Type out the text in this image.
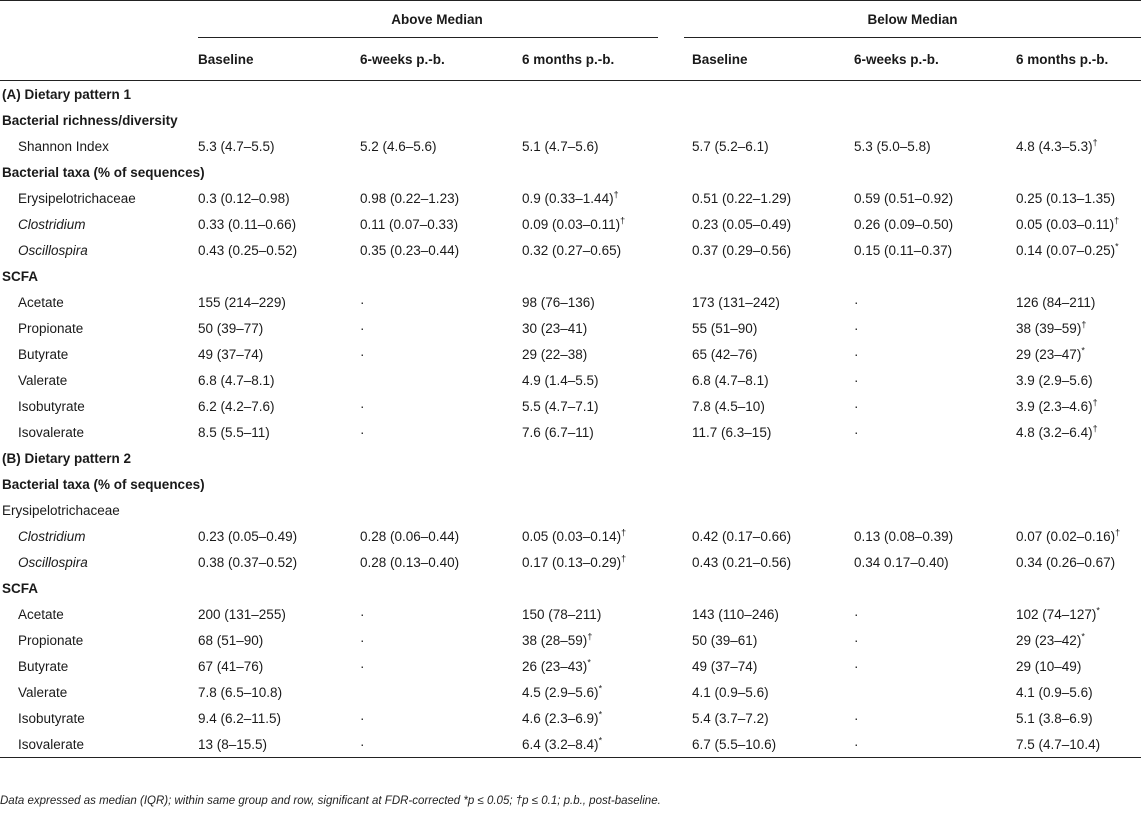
	Above Median			Below Median		
	Baseline	6-weeks p.-b.	6 months p.-b.	Baseline	6-weeks p.-b.	6 months p.-b.
(A) Dietary pattern 1						
Bacterial richness/diversity						
Shannon Index	5.3 (4.7–5.5)	5.2 (4.6–5.6)	5.1 (4.7–5.6)	5.7 (5.2–6.1)	5.3 (5.0–5.8)	4.8 (4.3–5.3)†
Bacterial taxa (% of sequences)						
Erysipelotrichaceae	0.3 (0.12–0.98)	0.98 (0.22–1.23)	0.9 (0.33–1.44)†	0.51 (0.22–1.29)	0.59 (0.51–0.92)	0.25 (0.13–1.35)
Clostridium	0.33 (0.11–0.66)	0.11 (0.07–0.33)	0.09 (0.03–0.11)†	0.23 (0.05–0.49)	0.26 (0.09–0.50)	0.05 (0.03–0.11)†
Oscillospira	0.43 (0.25–0.52)	0.35 (0.23–0.44)	0.32 (0.27–0.65)	0.37 (0.29–0.56)	0.15 (0.11–0.37)	0.14 (0.07–0.25)*
SCFA						
Acetate	155 (214–229)	·	98 (76–136)	173 (131–242)	·	126 (84–211)
Propionate	50 (39–77)	·	30 (23–41)	55 (51–90)	·	38 (39–59)†
Butyrate	49 (37–74)	·	29 (22–38)	65 (42–76)	·	29 (23–47)*
Valerate	6.8 (4.7–8.1)		4.9 (1.4–5.5)	6.8 (4.7–8.1)	·	3.9 (2.9–5.6)
Isobutyrate	6.2 (4.2–7.6)	·	5.5 (4.7–7.1)	7.8 (4.5–10)	·	3.9 (2.3–4.6)†
Isovalerate	8.5 (5.5–11)	·	7.6 (6.7–11)	11.7 (6.3–15)	·	4.8 (3.2–6.4)†
(B) Dietary pattern 2						
Bacterial taxa (% of sequences)						
Erysipelotrichaceae						
Clostridium	0.23 (0.05–0.49)	0.28 (0.06–0.44)	0.05 (0.03–0.14)†	0.42 (0.17–0.66)	0.13 (0.08–0.39)	0.07 (0.02–0.16)†
Oscillospira	0.38 (0.37–0.52)	0.28 (0.13–0.40)	0.17 (0.13–0.29)†	0.43 (0.21–0.56)	0.34 0.17–0.40)	0.34 (0.26–0.67)
SCFA						
Acetate	200 (131–255)	·	150 (78–211)	143 (110–246)	·	102 (74–127)*
Propionate	68 (51–90)	·	38 (28–59)†	50 (39–61)	·	29 (23–42)*
Butyrate	67 (41–76)	·	26 (23–43)*	49 (37–74)	·	29 (10–49)
Valerate	7.8 (6.5–10.8)		4.5 (2.9–5.6)*	4.1 (0.9–5.6)		4.1 (0.9–5.6)
Isobutyrate	9.4 (6.2–11.5)	·	4.6 (2.3–6.9)*	5.4 (3.7–7.2)	·	5.1 (3.8–6.9)
Isovalerate	13 (8–15.5)	·	6.4 (3.2–8.4)*	6.7 (5.5–10.6)	·	7.5 (4.7–10.4)
Data expressed as median (IQR); within same group and row, significant at FDR-corrected *p ≤ 0.05; †p ≤ 0.1; p.b., post-baseline.
